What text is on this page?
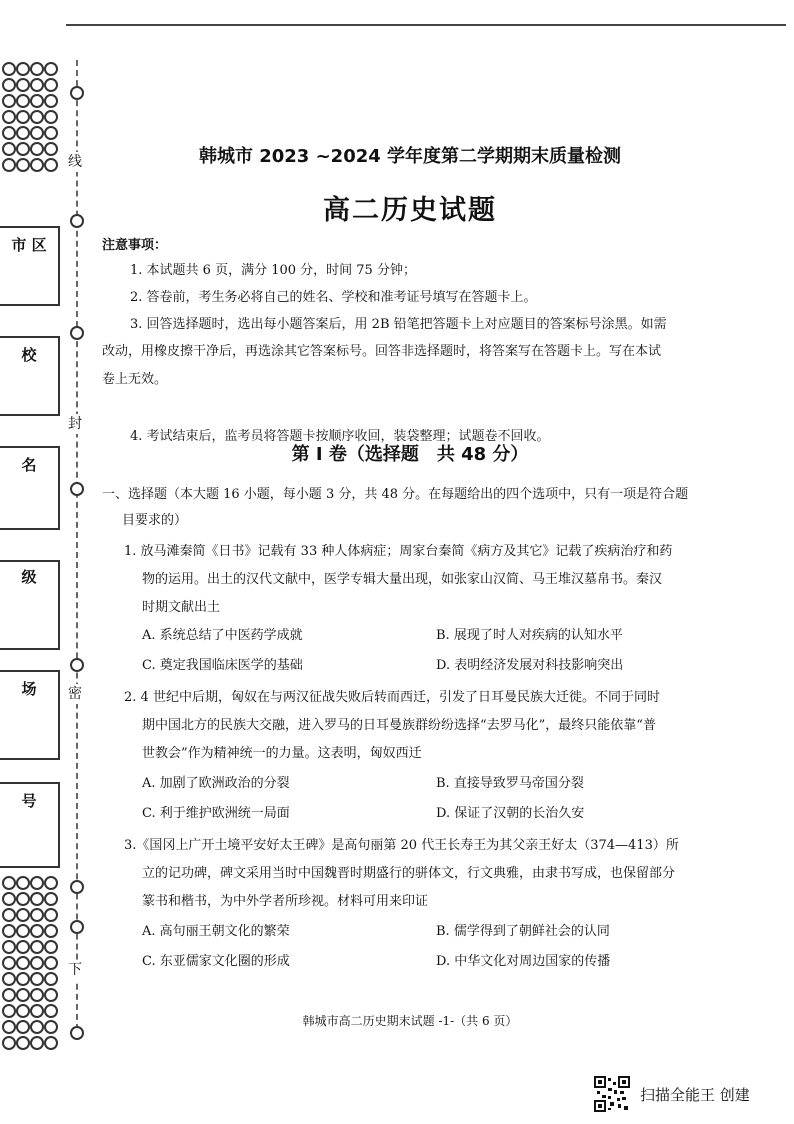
线
封
密
下
市 区
校
名
级
场
号
韩城市 2023 ~2024 学年度第二学期期末质量检测
高二历史试题
注意事项：
1. 本试题共 6 页，满分 100 分，时间 75 分钟；
2. 答卷前，考生务必将自己的姓名、学校和准考证号填写在答题卡上。
3. 回答选择题时，选出每小题答案后，用 2B 铅笔把答题卡上对应题目的答案标号涂黑。如需
改动，用橡皮擦干净后，再选涂其它答案标号。回答非选择题时，将答案写在答题卡上。写在本试
卷上无效。
4. 考试结束后，监考员将答题卡按顺序收回，装袋整理；试题卷不回收。
第 Ⅰ 卷（选择题　共 48 分）
一、选择题（本大题 16 小题，每小题 3 分，共 48 分。在每题给出的四个选项中，只有一项是符合题
目要求的）
1. 放马滩秦简《日书》记载有 33 种人体病症；周家台秦简《病方及其它》记载了疾病治疗和药
物的运用。出土的汉代文献中，医学专辑大量出现，如张家山汉简、马王堆汉墓帛书。秦汉
时期文献出土
A. 系统总结了中医药学成就	B. 展现了时人对疾病的认知水平
C. 奠定我国临床医学的基础	D. 表明经济发展对科技影响突出
2. 4 世纪中后期，匈奴在与两汉征战失败后转而西迁，引发了日耳曼民族大迁徙。不同于同时
期中国北方的民族大交融，进入罗马的日耳曼族群纷纷选择“去罗马化”，最终只能依靠“普
世教会”作为精神统一的力量。这表明，匈奴西迁
A. 加剧了欧洲政治的分裂	B. 直接导致罗马帝国分裂
C. 利于维护欧洲统一局面	D. 保证了汉朝的长治久安
3.《国冈上广开土境平安好太王碑》是高句丽第 20 代王长寿王为其父亲王好太（374—413）所
立的记功碑，碑文采用当时中国魏晋时期盛行的骈体文，行文典雅，由隶书写成，也保留部分
篆书和楷书，为中外学者所珍视。材料可用来印证
A. 高句丽王朝文化的繁荣	B. 儒学得到了朝鲜社会的认同
C. 东亚儒家文化圈的形成	D. 中华文化对周边国家的传播
韩城市高二历史期末试题 -1-（共 6 页）
扫描全能王 创建
